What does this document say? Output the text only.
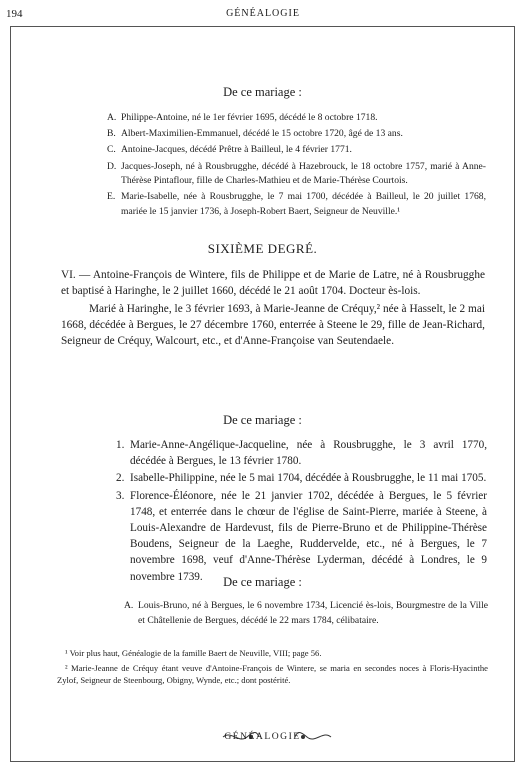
194	GÉNÉALOGIE
De ce mariage :
A. Philippe-Antoine, né le 1er février 1695, décédé le 8 octobre 1718.
B. Albert-Maximilien-Emmanuel, décédé le 15 octobre 1720, âgé de 13 ans.
C. Antoine-Jacques, décédé Prêtre à Bailleul, le 4 février 1771.
D. Jacques-Joseph, né à Rousbrugghe, décédé à Hazebrouck, le 18 octobre 1757, marié à Anne-Thérèse Pintaflour, fille de Charles-Mathieu et de Marie-Thérèse Courtois.
E. Marie-Isabelle, née à Rousbrugghe, le 7 mai 1700, décédée à Bailleul, le 20 juillet 1768, mariée le 15 janvier 1736, à Joseph-Robert Baert, Seigneur de Neuville.¹
SIXIÈME DEGRÉ.
VI. — Antoine-François de Wintere, fils de Philippe et de Marie de Latre, né à Rousbrugghe et baptisé à Haringhe, le 2 juillet 1660, décédé le 21 août 1704. Docteur ès-lois.
Marié à Haringhe, le 3 février 1693, à Marie-Jeanne de Créquy,² née à Hasselt, le 2 mai 1668, décédée à Bergues, le 27 décembre 1760, enterrée à Steene le 29, fille de Jean-Richard, Seigneur de Créquy, Walcourt, etc., et d'Anne-Françoise van Seutendaele.
De ce mariage :
1. Marie-Anne-Angélique-Jacqueline, née à Rousbrugghe, le 3 avril 1770, décédée à Bergues, le 13 février 1780.
2. Isabelle-Philippine, née le 5 mai 1704, décédée à Rousbrugghe, le 11 mai 1705.
3. Florence-Éléonore, née le 21 janvier 1702, décédée à Bergues, le 5 février 1748, et enterrée dans le chœur de l'église de Saint-Pierre, mariée à Steene, à Louis-Alexandre de Hardevust, fils de Pierre-Bruno et de Philippine-Thérèse Boudens, Seigneur de la Laeghe, Ruddervelde, etc., né à Bergues, le 7 novembre 1698, veuf d'Anne-Thérèse Lyderman, décédé à Londres, le 9 novembre 1739.	De ce mariage :
A. Louis-Bruno, né à Bergues, le 6 novembre 1734, Licencié ès-lois, Bourgmestre de la Ville et Châtellenie de Bergues, décédé le 22 mars 1784, célibataire.
¹ Voir plus haut, Généalogie de la famille Baert de Neuville, VIII; page 56.
² Marie-Jeanne de Créquy étant veuve d'Antoine-François de Wintere, se maria en secondes noces à Floris-Hyacinthe Zylof, Seigneur de Steenbourg, Obigny, Wynde, etc.; dont postérité.
GÉNÉALOGIE
